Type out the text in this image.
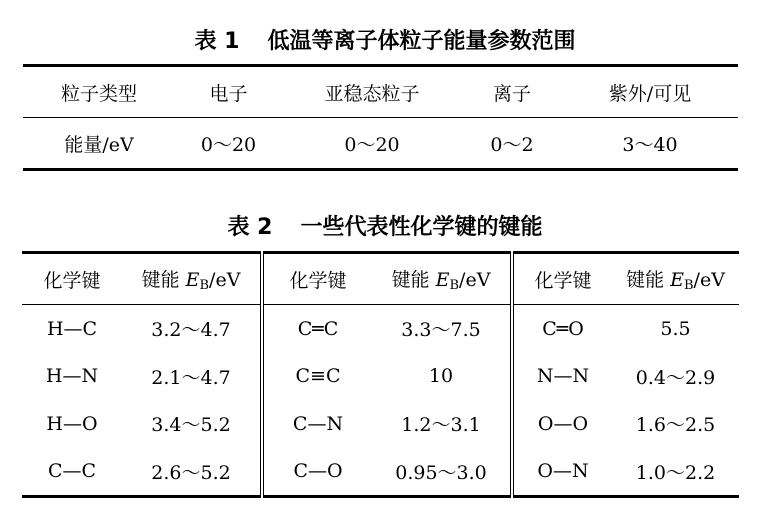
表 1 低温等离子体粒子能量参数范围
粒子类型	电子	亚稳态粒子	离子	紫外/可见
能量/eV	0～20	0～20	0～2	3～40
表 2 一些代表性化学键的键能
化学键	键能 $E_B/eV$	化学键	键能 $E_B/eV$	化学键	键能 $E_B/eV$
H—C	3.2～4.7	C═C	3.3～7.5	C═O	5.5
H—N	2.1～4.7	C≡C	10	N—N	0.4～2.9
H—O	3.4～5.2	C—N	1.2～3.1	O—O	1.6～2.5
C—C	2.6～5.2	C—O	0.95～3.0	O—N	1.0～2.2
